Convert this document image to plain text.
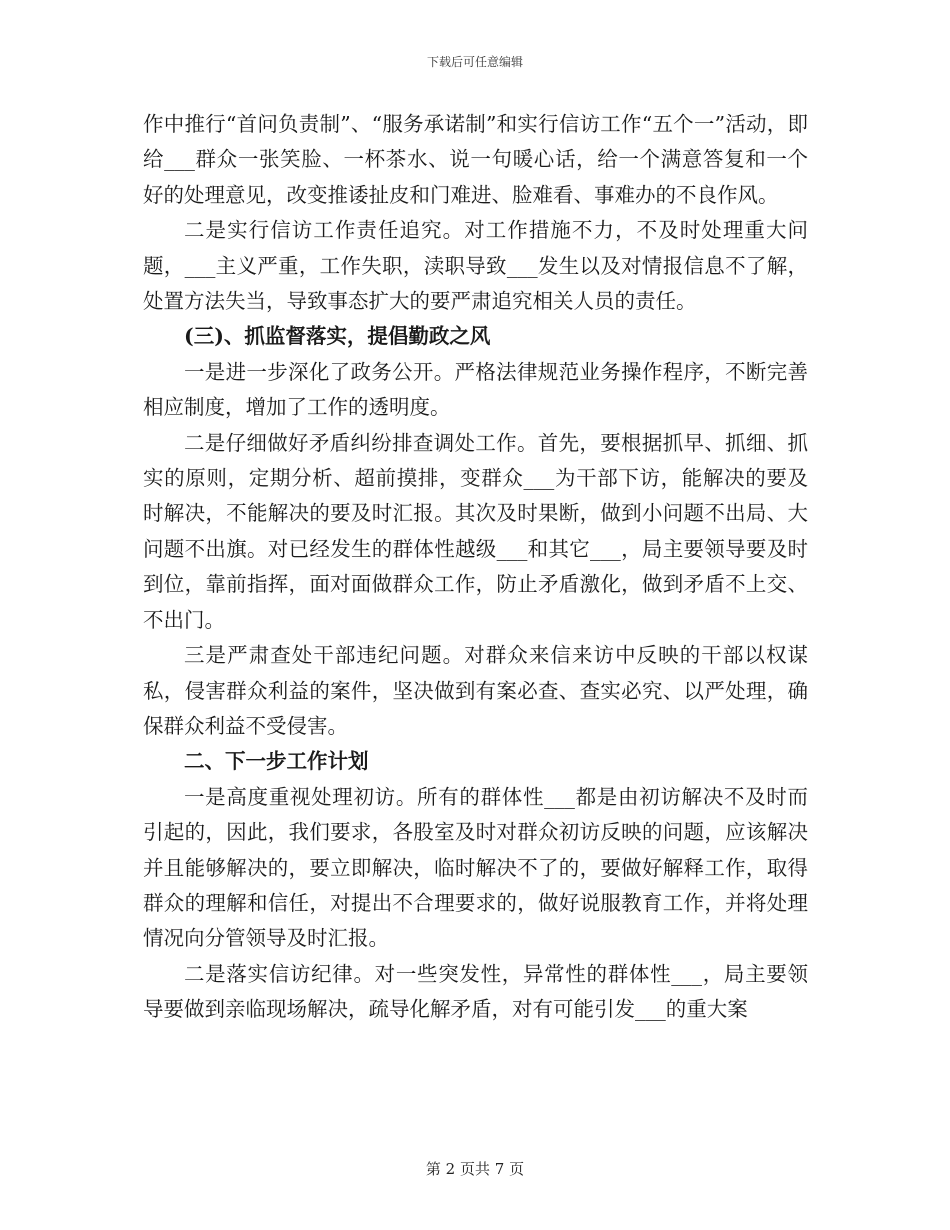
下载后可任意编辑

作中推行“首问负责制”、“服务承诺制”和实行信访工作“五个一”活动，即给___群众一张笑脸、一杯茶水、说一句暖心话，给一个满意答复和一个好的处理意见，改变推诿扯皮和门难进、脸难看、事难办的不良作风。

二是实行信访工作责任追究。对工作措施不力，不及时处理重大问题，___主义严重，工作失职，渎职导致___发生以及对情报信息不了解，处置方法失当，导致事态扩大的要严肃追究相关人员的责任。

(三)、抓监督落实，提倡勤政之风

一是进一步深化了政务公开。严格法律规范业务操作程序，不断完善相应制度，增加了工作的透明度。

二是仔细做好矛盾纠纷排查调处工作。首先，要根据抓早、抓细、抓实的原则，定期分析、超前摸排，变群众___为干部下访，能解决的要及时解决，不能解决的要及时汇报。其次及时果断，做到小问题不出局、大问题不出旗。对已经发生的群体性越级___和其它___，局主要领导要及时到位，靠前指挥，面对面做群众工作，防止矛盾激化，做到矛盾不上交、不出门。

三是严肃查处干部违纪问题。对群众来信来访中反映的干部以权谋私，侵害群众利益的案件，坚决做到有案必查、查实必究、以严处理，确保群众利益不受侵害。

二、下一步工作计划

一是高度重视处理初访。所有的群体性___都是由初访解决不及时而引起的，因此，我们要求，各股室及时对群众初访反映的问题，应该解决并且能够解决的，要立即解决，临时解决不了的，要做好解释工作，取得群众的理解和信任，对提出不合理要求的，做好说服教育工作，并将处理情况向分管领导及时汇报。

二是落实信访纪律。对一些突发性，异常性的群体性___，局主要领导要做到亲临现场解决，疏导化解矛盾，对有可能引发___的重大案

第 2 页共 7 页
